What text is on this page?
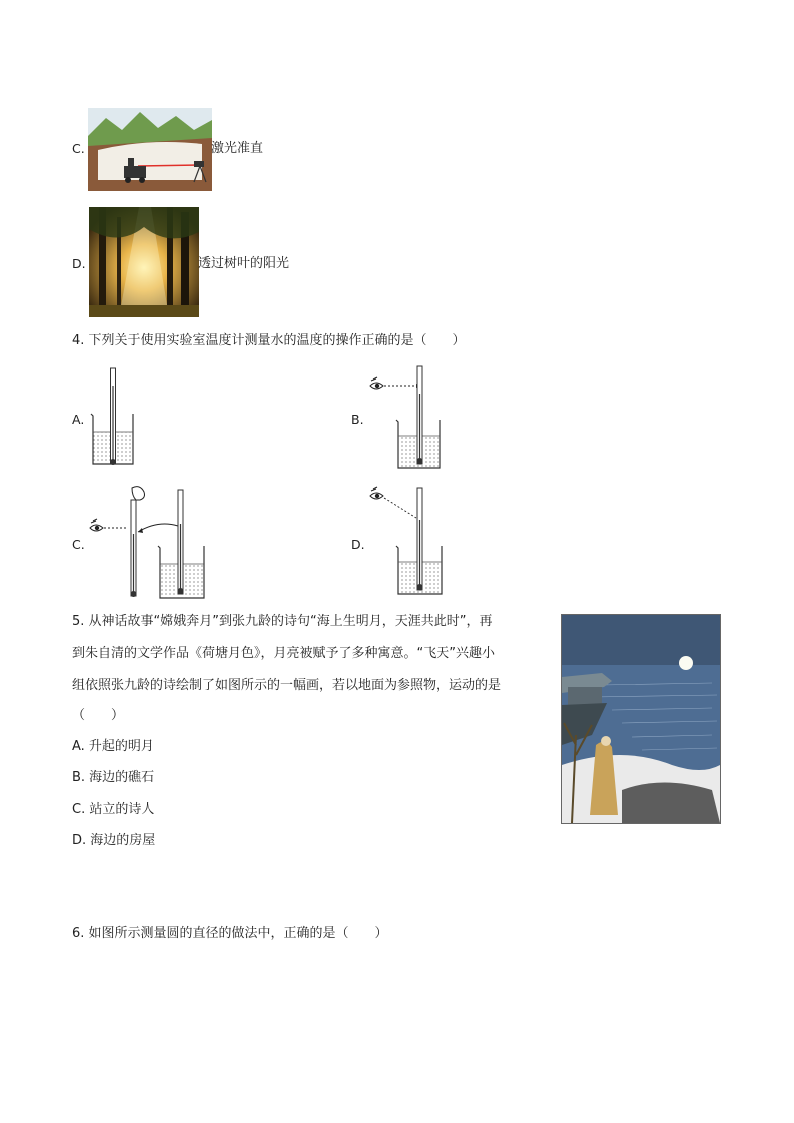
C.	激光准直
D.	透过树叶的阳光
4. 下列关于使用实验室温度计测量水的温度的操作正确的是（　　）
A.	B.
C.	D.
5. 从神话故事“嫦娥奔月”到张九龄的诗句“海上生明月，天涯共此时”，再
到朱自清的文学作品《荷塘月色》，月亮被赋予了多种寓意。“飞天”兴趣小
组依照张九龄的诗绘制了如图所示的一幅画，若以地面为参照物，运动的是
（　　）
A. 升起的明月
B. 海边的礁石
C. 站立的诗人
D. 海边的房屋
6. 如图所示测量圆的直径的做法中，正确的是（　　）
